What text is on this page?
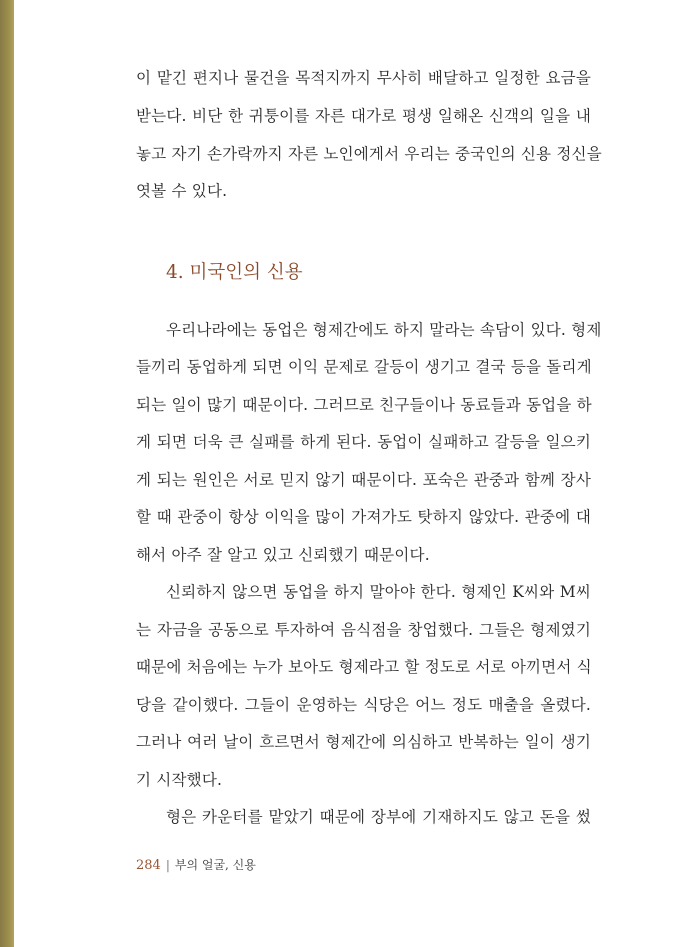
이 맡긴 편지나 물건을 목적지까지 무사히 배달하고 일정한 요금을
받는다. 비단 한 귀퉁이를 자른 대가로 평생 일해온 신객의 일을 내
놓고 자기 손가락까지 자른 노인에게서 우리는 중국인의 신용 정신을
엿볼 수 있다.
4. 미국인의 신용
우리나라에는 동업은 형제간에도 하지 말라는 속담이 있다. 형제
들끼리 동업하게 되면 이익 문제로 갈등이 생기고 결국 등을 돌리게
되는 일이 많기 때문이다. 그러므로 친구들이나 동료들과 동업을 하
게 되면 더욱 큰 실패를 하게 된다. 동업이 실패하고 갈등을 일으키
게 되는 원인은 서로 믿지 않기 때문이다. 포숙은 관중과 함께 장사
할 때 관중이 항상 이익을 많이 가져가도 탓하지 않았다. 관중에 대
해서 아주 잘 알고 있고 신뢰했기 때문이다.
신뢰하지 않으면 동업을 하지 말아야 한다. 형제인 K씨와 M씨
는 자금을 공동으로 투자하여 음식점을 창업했다. 그들은 형제였기
때문에 처음에는 누가 보아도 형제라고 할 정도로 서로 아끼면서 식
당을 같이했다. 그들이 운영하는 식당은 어느 정도 매출을 올렸다.
그러나 여러 날이 흐르면서 형제간에 의심하고 반복하는 일이 생기
기 시작했다.
형은 카운터를 맡았기 때문에 장부에 기재하지도 않고 돈을 썼
284 | 부의 얼굴, 신용
